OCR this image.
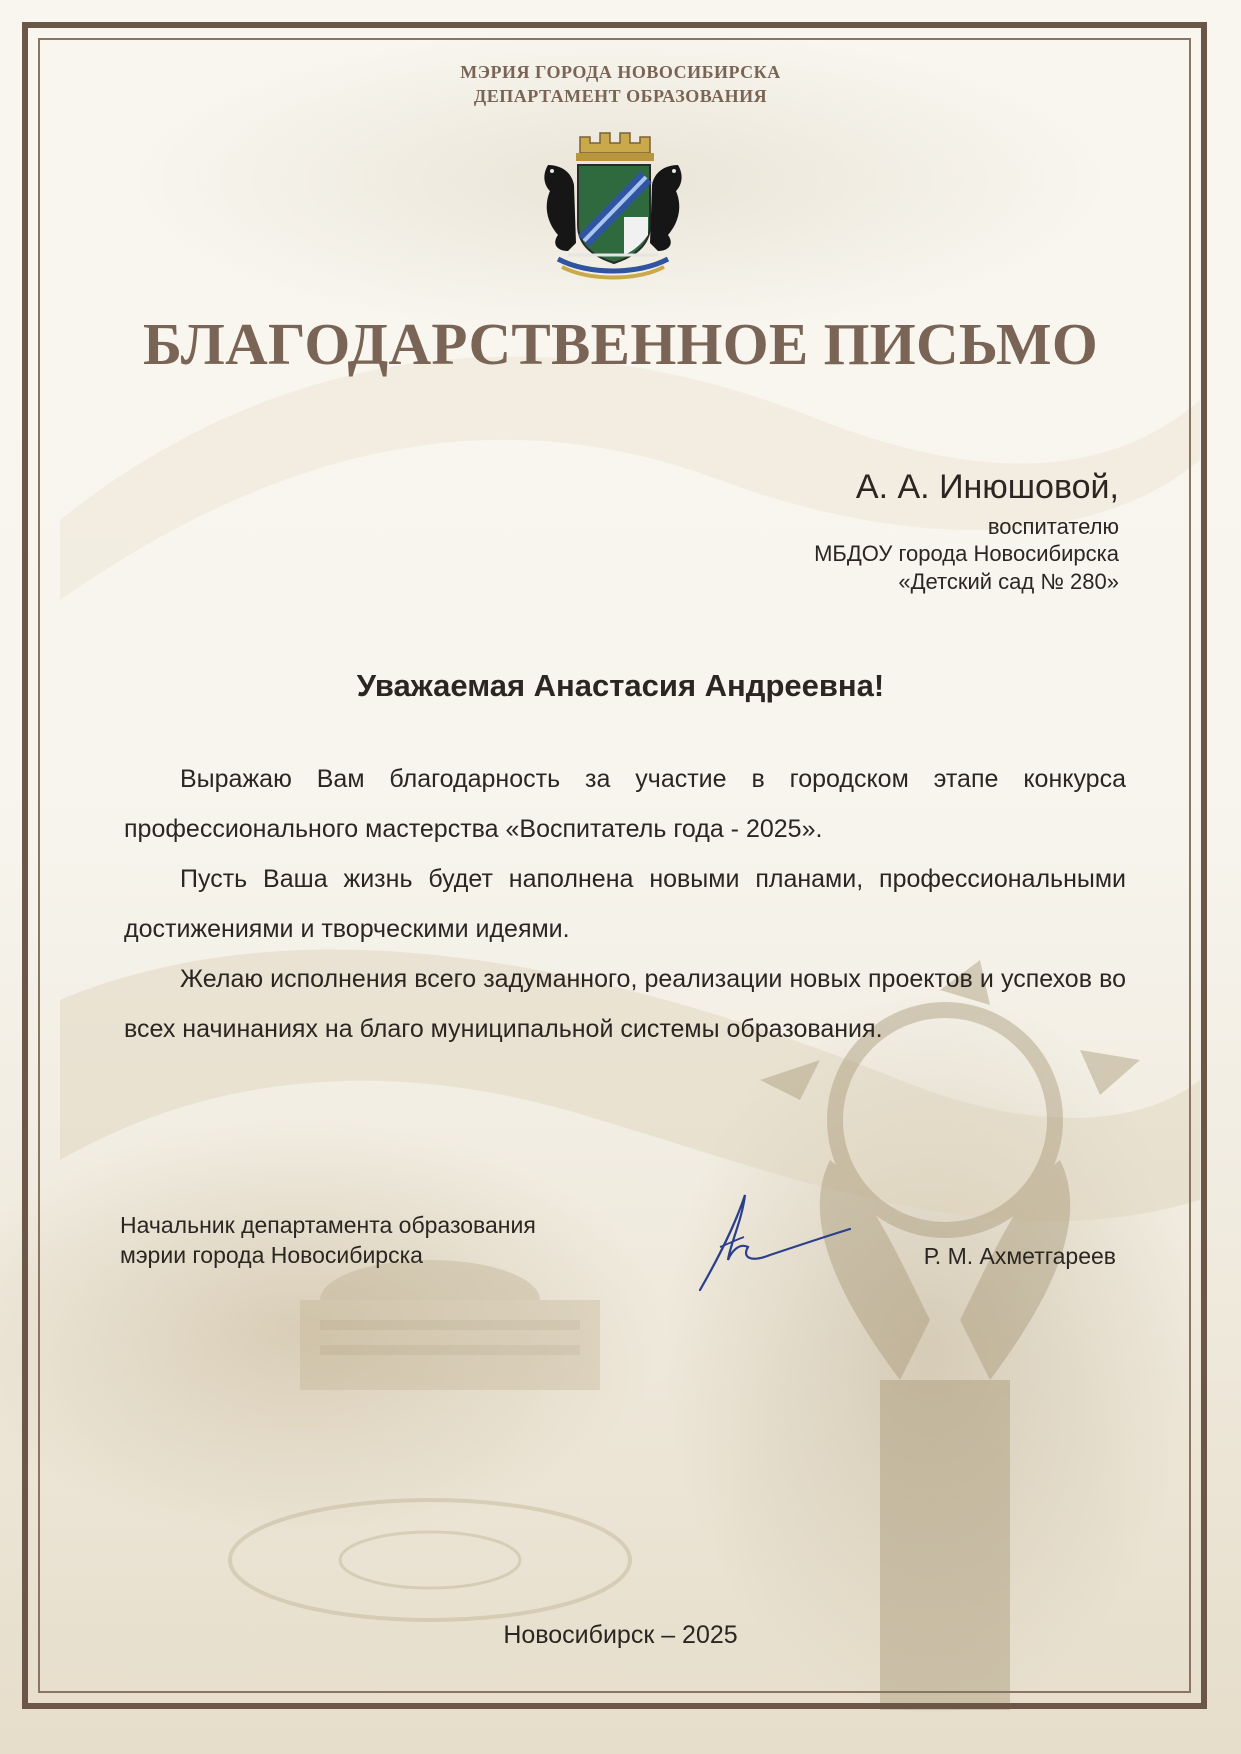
МЭРИЯ ГОРОДА НОВОСИБИРСКА
ДЕПАРТАМЕНТ ОБРАЗОВАНИЯ
БЛАГОДАРСТВЕННОЕ ПИСЬМО
А. А. Инюшовой,
воспитателю
МБДОУ города Новосибирска
«Детский сад № 280»
Уважаемая Анастасия Андреевна!

Выражаю Вам благодарность за участие в городском этапе конкурса профессионального мастерства «Воспитатель года - 2025».

Пусть Ваша жизнь будет наполнена новыми планами, профессиональными достижениями и творческими идеями.

Желаю исполнения всего задуманного, реализации новых проектов и успехов во всех начинаниях на благо муниципальной системы образования.

Начальник департамента образования
мэрии города Новосибирска	Р. М. Ахметгареев
Новосибирск – 2025
